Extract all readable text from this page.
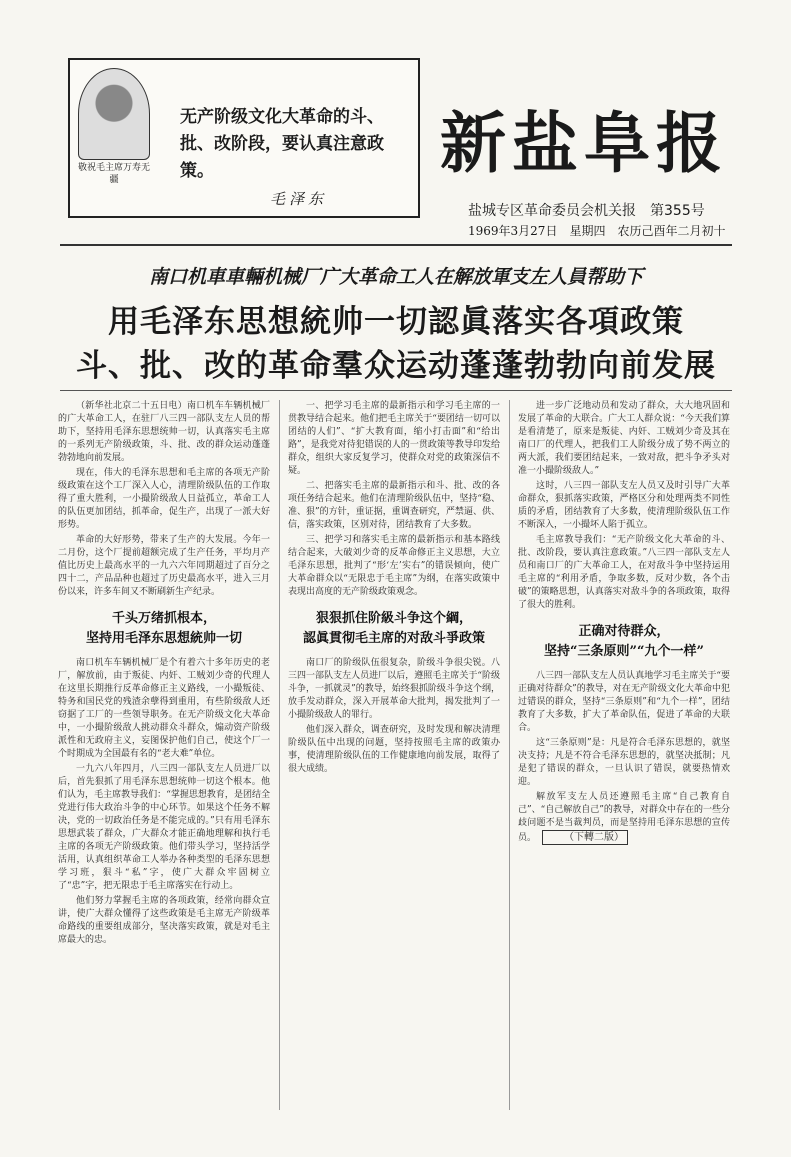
敬祝毛主席万寿无疆
无产阶级文化大革命的斗、批、改阶段，要认真注意政策。
毛泽东
新盐阜报
盐城专区革命委员会机关报　第355号
1969年3月27日　星期四　农历己酉年二月初十
南口机車車輛机械厂广大革命工人在解放軍支左人員帮助下
用毛泽东思想統帅一切認眞落实各項政策
斗、批、改的革命羣众运动蓬蓬勃勃向前发展

（新华社北京二十五日电）南口机车车辆机械厂的广大革命工人，在驻厂八三四一部队支左人员的帮助下，坚持用毛泽东思想统帅一切，认真落实毛主席的一系列无产阶级政策，斗、批、改的群众运动蓬蓬勃勃地向前发展。

现在，伟大的毛泽东思想和毛主席的各项无产阶级政策在这个工厂深入人心，清理阶级队伍的工作取得了重大胜利，一小撮阶级敌人日益孤立，革命工人的队伍更加团结，抓革命，促生产，出现了一派大好形势。

革命的大好形势，带来了生产的大发展。今年一二月份，这个厂提前超额完成了生产任务，平均月产值比历史上最高水平的一九六六年同期超过了百分之四十二，产品品种也超过了历史最高水平，进入三月份以来，许多车间又不断刷新生产纪录。

千头万绪抓根本，
坚持用毛泽东思想統帅一切

南口机车车辆机械厂是个有着六十多年历史的老厂，解放前，由于叛徒、内奸、工贼刘少奇的代理人在这里长期推行反革命修正主义路线，一小撮叛徒、特务和国民党的残渣余孽得到重用，有些阶级敌人还窃据了工厂的一些领导职务。在无产阶级文化大革命中，一小撮阶级敌人挑动群众斗群众，煽动资产阶级派性和无政府主义，妄图保护他们自己，使这个厂一个时期成为全国最有名的“老大难”单位。

一九六八年四月，八三四一部队支左人员进厂以后，首先狠抓了用毛泽东思想统帅一切这个根本。他们认为，毛主席教导我们：“掌握思想教育，是团结全党进行伟大政治斗争的中心环节。如果这个任务不解决，党的一切政治任务是不能完成的。”只有用毛泽东思想武装了群众，广大群众才能正确地理解和执行毛主席的各项无产阶级政策。他们带头学习，坚持活学活用，认真组织革命工人举办各种类型的毛泽东思想学习班，狠斗“私”字，使广大群众牢固树立了“忠”字，把无限忠于毛主席落实在行动上。

他们努力掌握毛主席的各项政策，经常向群众宣讲，使广大群众懂得了这些政策是毛主席无产阶级革命路线的重要组成部分，坚决落实政策，就是对毛主席最大的忠。

一、把学习毛主席的最新指示和学习毛主席的一贯教导结合起来。他们把毛主席关于“要团结一切可以团结的人们”、“扩大教育面，缩小打击面”和“给出路”，是我党对待犯错误的人的一贯政策等教导印发给群众，组织大家反复学习，使群众对党的政策深信不疑。

二、把落实毛主席的最新指示和斗、批、改的各项任务结合起来。他们在清理阶级队伍中，坚持“稳、准、狠”的方针，重证据，重调查研究，严禁逼、供、信，落实政策，区别对待，团结教育了大多数。

三、把学习和落实毛主席的最新指示和基本路线结合起来，大破刘少奇的反革命修正主义思想，大立毛泽东思想，批判了“形‘左’实右”的错误倾向，使广大革命群众以“无限忠于毛主席”为纲，在落实政策中表现出高度的无产阶级政策观念。

狠狠抓住阶級斗争这个綱，
認眞貫彻毛主席的对敌斗爭政策

南口厂的阶级队伍很复杂，阶级斗争很尖锐。八三四一部队支左人员进厂以后，遵照毛主席关于“阶级斗争，一抓就灵”的教导，始终狠抓阶级斗争这个纲，放手发动群众，深入开展革命大批判，揭发批判了一小撮阶级敌人的罪行。

他们深入群众，调查研究，及时发现和解决清理阶级队伍中出现的问题，坚持按照毛主席的政策办事，使清理阶级队伍的工作健康地向前发展，取得了很大成绩。

进一步广泛地动员和发动了群众，大大地巩固和发展了革命的大联合。广大工人群众说：“今天我们算是看清楚了，原来是叛徒、内奸、工贼刘少奇及其在南口厂的代理人，把我们工人阶级分成了势不两立的两大派，我们要团结起来，一致对敌，把斗争矛头对准一小撮阶级敌人。”

这时，八三四一部队支左人员又及时引导广大革命群众，狠抓落实政策，严格区分和处理两类不同性质的矛盾，团结教育了大多数，使清理阶级队伍工作不断深入，一小撮坏人陷于孤立。

毛主席教导我们：“无产阶级文化大革命的斗、批、改阶段，要认真注意政策。”八三四一部队支左人员和南口厂的广大革命工人，在对敌斗争中坚持运用毛主席的“利用矛盾，争取多数，反对少数，各个击破”的策略思想，认真落实对敌斗争的各项政策，取得了很大的胜利。

正确对待群众，
坚持“三条原则”“九个一样”

八三四一部队支左人员认真地学习毛主席关于“要正确对待群众”的教导，对在无产阶级文化大革命中犯过错误的群众，坚持“三条原则”和“九个一样”，团结教育了大多数，扩大了革命队伍，促进了革命的大联合。

这“三条原则”是：凡是符合毛泽东思想的，就坚决支持；凡是不符合毛泽东思想的，就坚决抵制；凡是犯了错误的群众，一旦认识了错误，就要热情欢迎。

解放军支左人员还遵照毛主席“自己教育自己”、“自己解放自己”的教导，对群众中存在的一些分歧问题不是当裁判员，而是坚持用毛泽东思想的宣传员。	（下轉二版）
